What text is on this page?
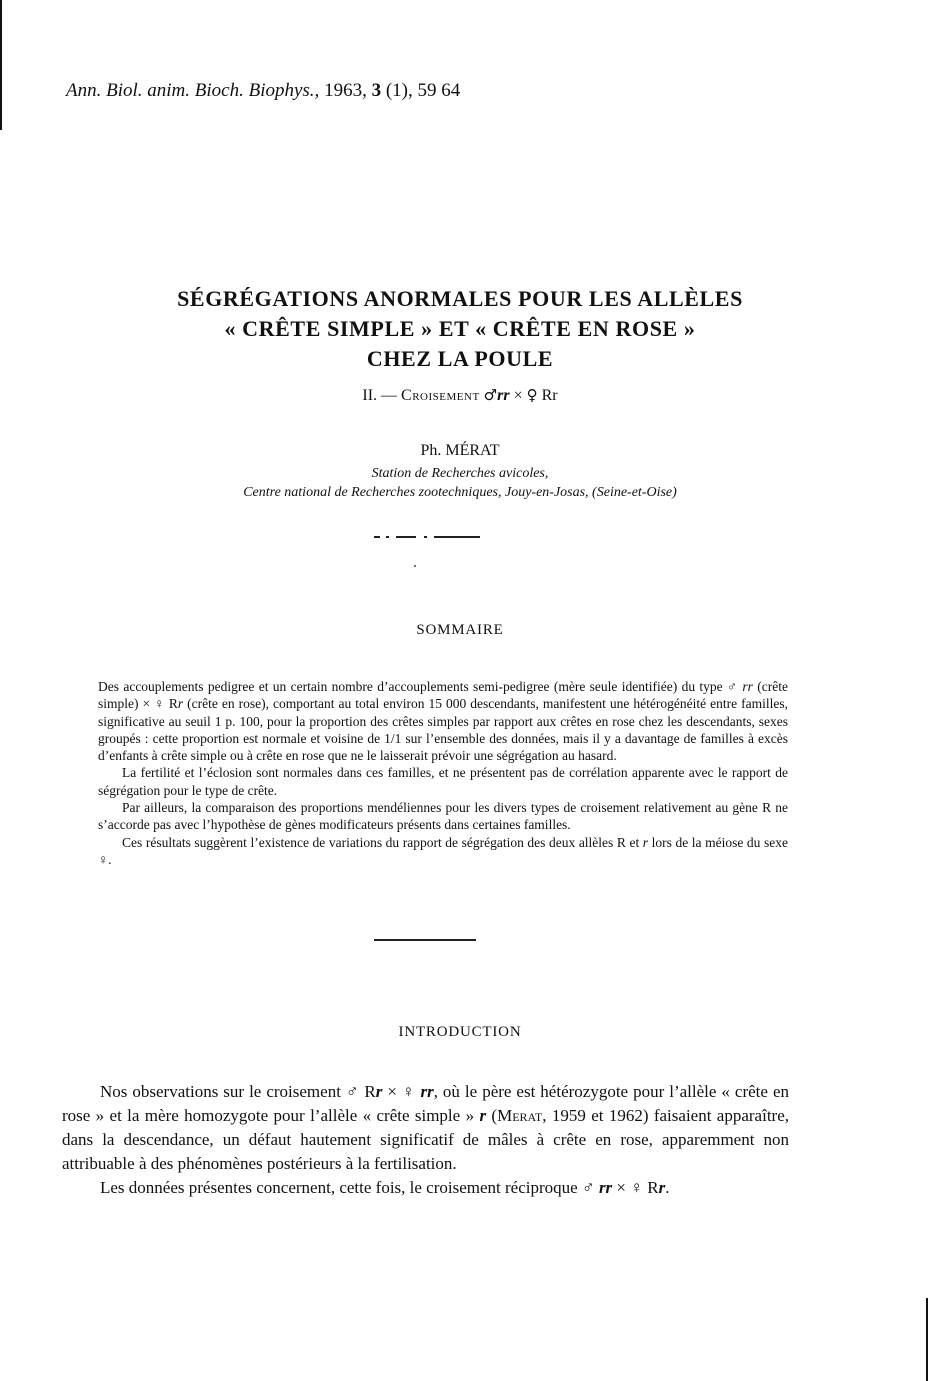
Ann. Biol. anim. Bioch. Biophys., 1963, 3 (1), 59 64
SÉGRÉGATIONS ANORMALES POUR LES ALLÈLES
« CRÊTE SIMPLE » ET « CRÊTE EN ROSE »
CHEZ LA POULE
II. — Croisement ♂rr × ♀ Rr
Ph. MÉRAT
Station de Recherches avicoles,
Centre national de Recherches zootechniques, Jouy-en-Josas, (Seine-et-Oise)
SOMMAIRE

Des accouplements pedigree et un certain nombre d’accouplements semi-pedigree (mère seule identifiée) du type ♂ rr (crête simple) × ♀ Rr (crête en rose), comportant au total environ 15 000 descendants, manifestent une hétérogénéité entre familles, significative au seuil 1 p. 100, pour la proportion des crêtes simples par rapport aux crêtes en rose chez les descendants, sexes groupés : cette proportion est normale et voisine de 1/1 sur l’ensemble des données, mais il y a davantage de familles à excès d’enfants à crête simple ou à crête en rose que ne le laisserait prévoir une ségrégation au hasard.

La fertilité et l’éclosion sont normales dans ces familles, et ne présentent pas de corrélation apparente avec le rapport de ségrégation pour le type de crête.

Par ailleurs, la comparaison des proportions mendéliennes pour les divers types de croisement relativement au gène R ne s’accorde pas avec l’hypothèse de gènes modificateurs présents dans certaines familles.

Ces résultats suggèrent l’existence de variations du rapport de ségrégation des deux allèles R et r lors de la méiose du sexe ♀.

INTRODUCTION

Nos observations sur le croisement ♂ Rr × ♀ rr, où le père est hétérozygote pour l’allèle « crête en rose » et la mère homozygote pour l’allèle « crête simple » r (Merat, 1959 et 1962) faisaient apparaître, dans la descendance, un défaut hautement significatif de mâles à crête en rose, apparemment non attribuable à des phénomènes postérieurs à la fertilisation.

Les données présentes concernent, cette fois, le croisement réciproque ♂ rr × ♀ Rr.
